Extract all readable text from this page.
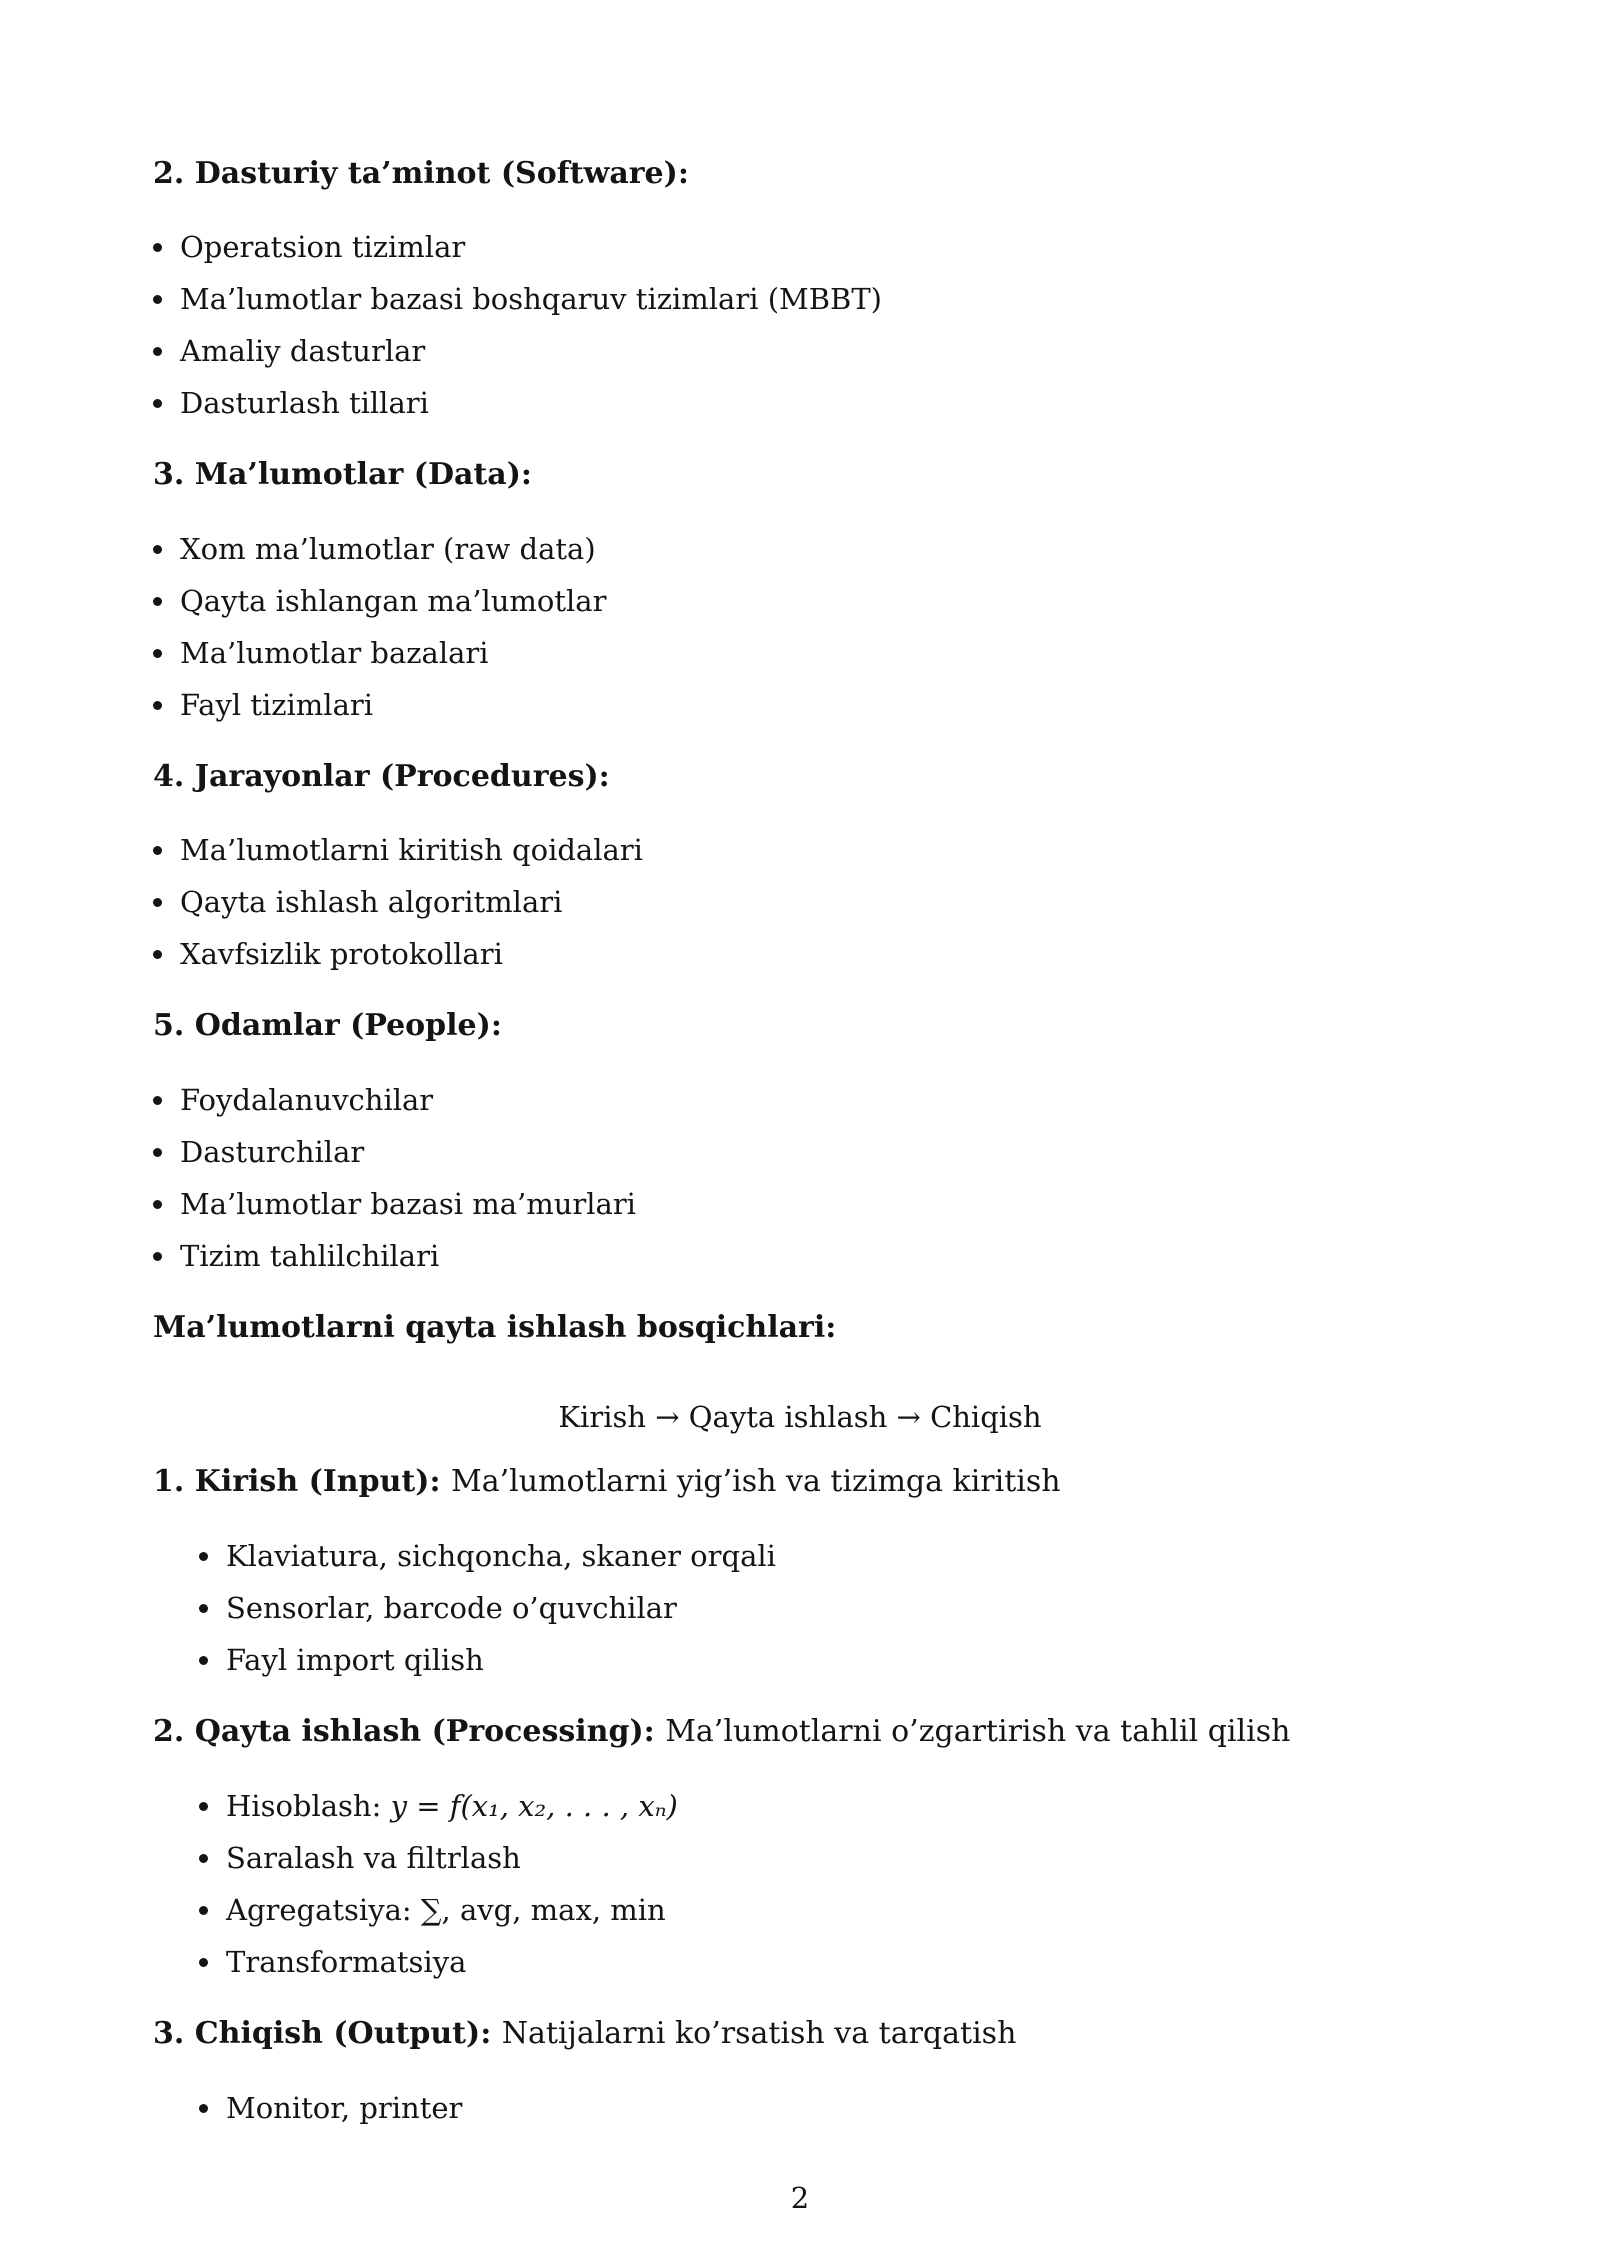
2. Dasturiy ta’minot (Software):
Operatsion tizimlar
Ma’lumotlar bazasi boshqaruv tizimlari (MBBT)
Amaliy dasturlar
Dasturlash tillari
3. Ma’lumotlar (Data):
Xom ma’lumotlar (raw data)
Qayta ishlangan ma’lumotlar
Ma’lumotlar bazalari
Fayl tizimlari
4. Jarayonlar (Procedures):
Ma’lumotlarni kiritish qoidalari
Qayta ishlash algoritmlari
Xavfsizlik protokollari
5. Odamlar (People):
Foydalanuvchilar
Dasturchilar
Ma’lumotlar bazasi ma’murlari
Tizim tahlilchilari
Ma’lumotlarni qayta ishlash bosqichlari:
Kirish → Qayta ishlash → Chiqish
1. Kirish (Input): Ma’lumotlarni yig’ish va tizimga kiritish
Klaviatura, sichqoncha, skaner orqali
Sensorlar, barcode o’quvchilar
Fayl import qilish
2. Qayta ishlash (Processing): Ma’lumotlarni o’zgartirish va tahlil qilish
Hisoblash: y = f(x₁, x₂, . . . , xₙ)
Saralash va filtrlash
Agregatsiya: ∑, avg, max, min
Transformatsiya
3. Chiqish (Output): Natijalarni ko’rsatish va tarqatish
Monitor, printer
2
